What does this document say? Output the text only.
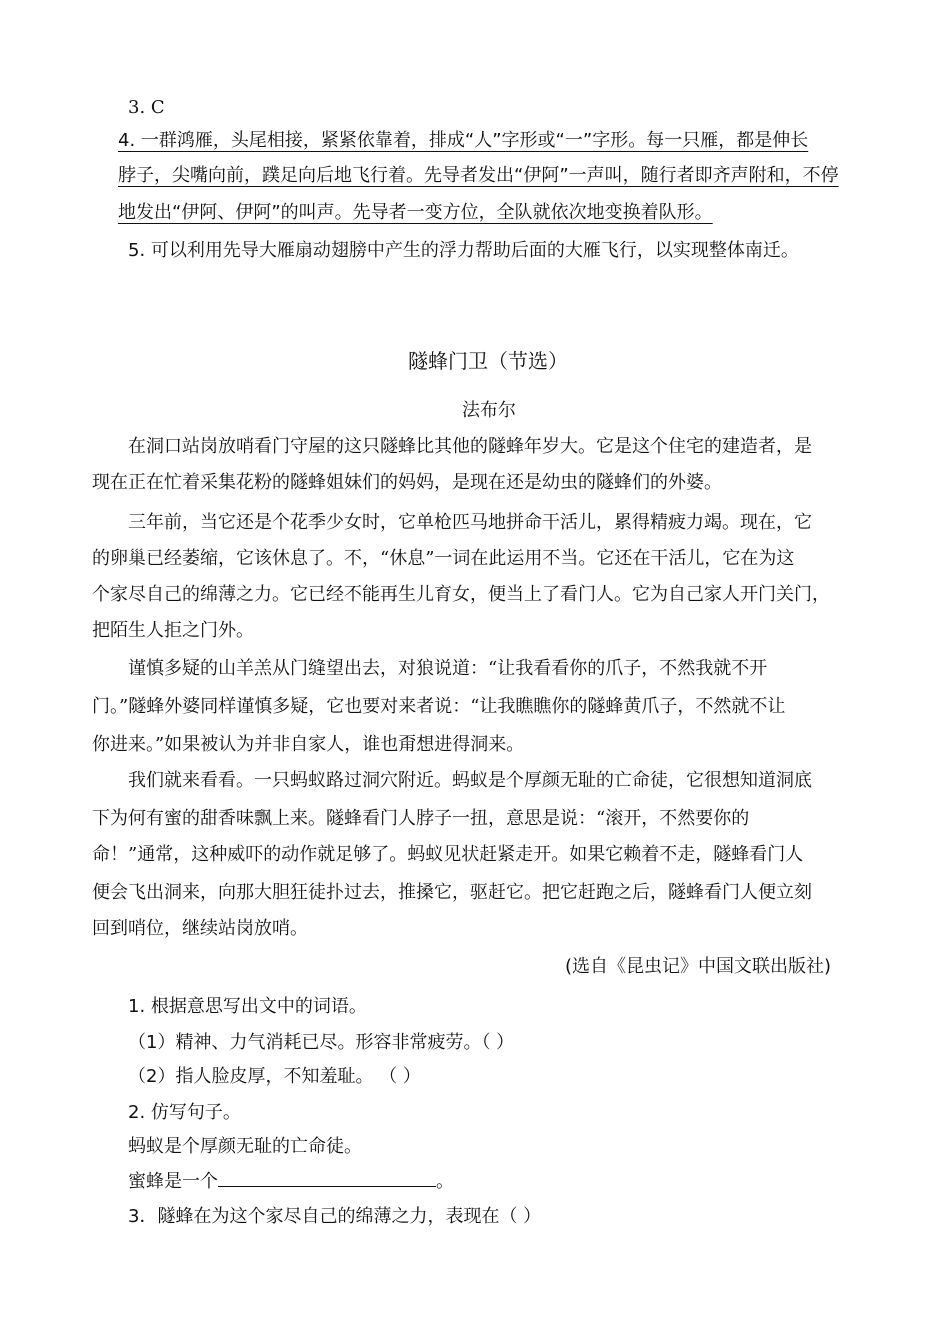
3. C
4. 一群鸿雁，头尾相接，紧紧依靠着，排成“人”字形或“一”字形。每一只雁，都是伸长
脖子，尖嘴向前，蹼足向后地飞行着。先导者发出“伊阿”一声叫，随行者即齐声附和，不停
地发出“伊阿、伊阿”的叫声。先导者一变方位，全队就依次地变换着队形。
5. 可以利用先导大雁扇动翅膀中产生的浮力帮助后面的大雁飞行，以实现整体南迁。
隧蜂门卫（节选）
法布尔
在洞口站岗放哨看门守屋的这只隧蜂比其他的隧蜂年岁大。它是这个住宅的建造者，是
现在正在忙着采集花粉的隧蜂姐妹们的妈妈，是现在还是幼虫的隧蜂们的外婆。
三年前，当它还是个花季少女时，它单枪匹马地拼命干活儿，累得精疲力竭。现在，它
的卵巢已经萎缩，它该休息了。不，“休息”一词在此运用不当。它还在干活儿，它在为这
个家尽自己的绵薄之力。它已经不能再生儿育女，便当上了看门人。它为自己家人开门关门，
把陌生人拒之门外。
谨慎多疑的山羊羔从门缝望出去，对狼说道：“让我看看你的爪子，不然我就不开
门。”隧蜂外婆同样谨慎多疑，它也要对来者说：“让我瞧瞧你的隧蜂黄爪子，不然就不让
你进来。”如果被认为并非自家人，谁也甭想进得洞来。
我们就来看看。一只蚂蚁路过洞穴附近。蚂蚁是个厚颜无耻的亡命徒，它很想知道洞底
下为何有蜜的甜香味飘上来。隧蜂看门人脖子一扭，意思是说：“滚开，不然要你的
命！”通常，这种威吓的动作就足够了。蚂蚁见状赶紧走开。如果它赖着不走，隧蜂看门人
便会飞出洞来，向那大胆狂徒扑过去，推搡它，驱赶它。把它赶跑之后，隧蜂看门人便立刻
回到哨位，继续站岗放哨。
(选自《昆虫记》中国文联出版社)
1. 根据意思写出文中的词语。
（1）精神、力气消耗已尽。形容非常疲劳。（ ）
（2）指人脸皮厚，不知羞耻。 （ ）
2. 仿写句子。
蚂蚁是个厚颜无耻的亡命徒。
蜜蜂是一个	。
3．隧蜂在为这个家尽自己的绵薄之力，表现在（ ）
